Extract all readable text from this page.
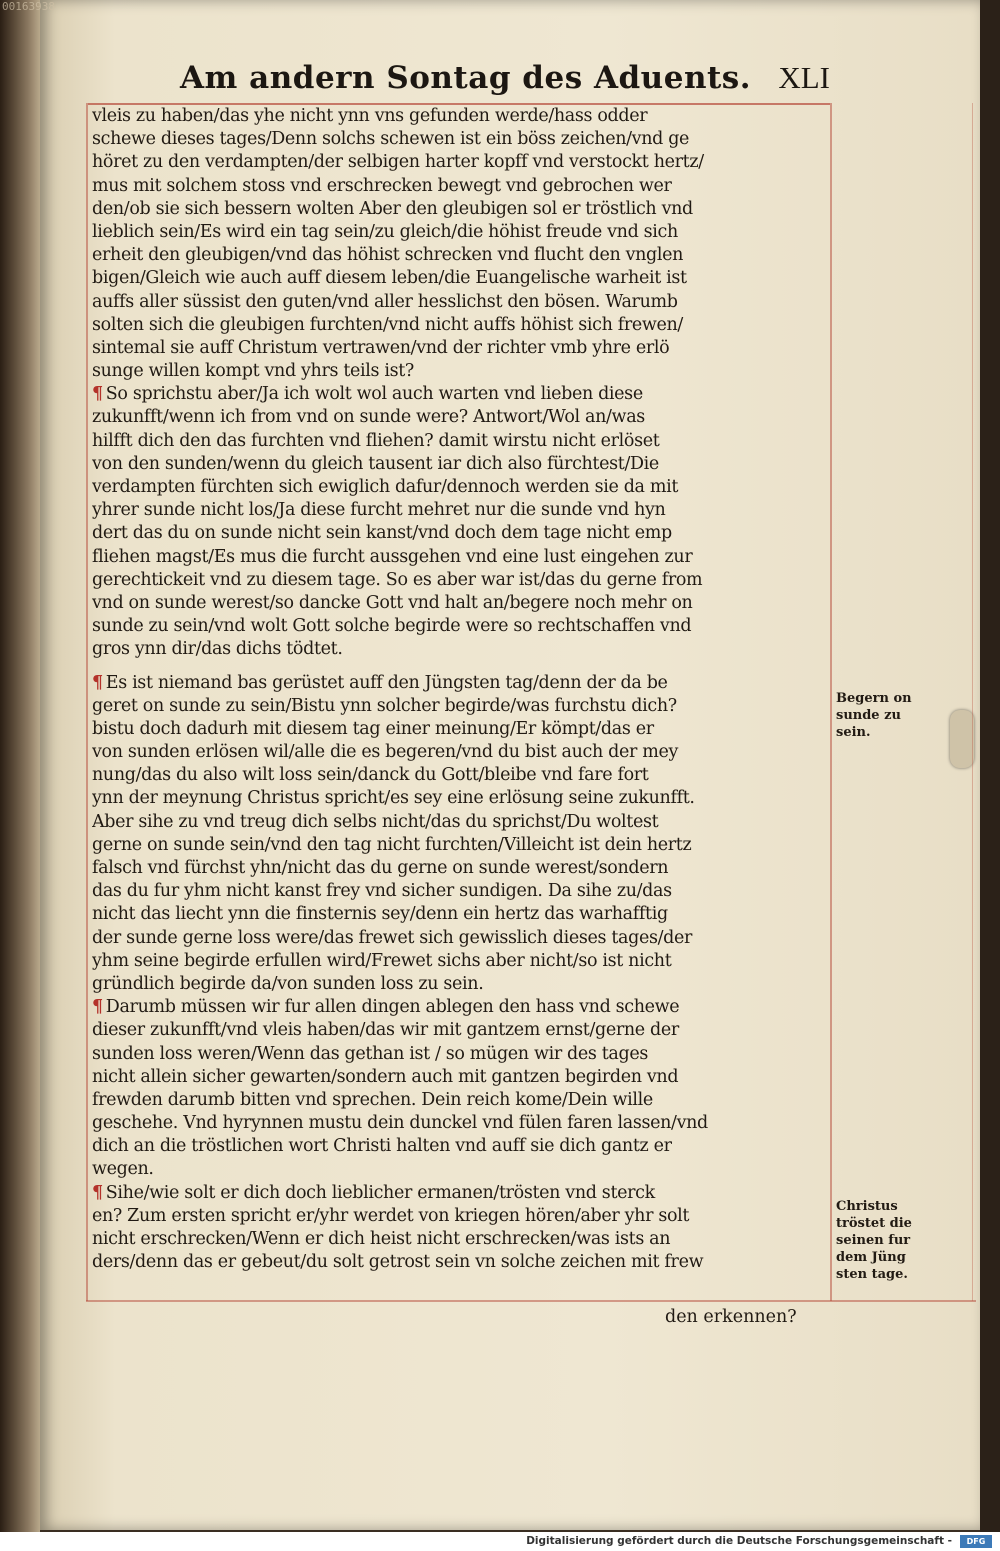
00163938
Am andern Sontag des Aduents. XLI
vleis zu haben/das yhe nicht ynn vns gefunden werde/hass odder
schewe dieses tages/Denn solchs schewen ist ein böss zeichen/vnd ge
höret zu den verdampten/der selbigen harter kopff vnd verstockt hertz/
mus mit solchem stoss vnd erschrecken bewegt vnd gebrochen wer
den/ob sie sich bessern wolten Aber den gleubigen sol er tröstlich vnd
lieblich sein/Es wird ein tag sein/zu gleich/die höhist freude vnd sich
erheit den gleubigen/vnd das höhist schrecken vnd flucht den vnglen
bigen/Gleich wie auch auff diesem leben/die Euangelische warheit ist
auffs aller süssist den guten/vnd aller hesslichst den bösen. Warumb
solten sich die gleubigen furchten/vnd nicht auffs höhist sich frewen/
sintemal sie auff Christum vertrawen/vnd der richter vmb yhre erlö
sunge willen kompt vnd yhrs teils ist?
¶ So sprichstu aber/Ja ich wolt wol auch warten vnd lieben diese
zukunfft/wenn ich from vnd on sunde were? Antwort/Wol an/was
hilfft dich den das furchten vnd fliehen? damit wirstu nicht erlöset
von den sunden/wenn du gleich tausent iar dich also fürchtest/Die
verdampten fürchten sich ewiglich dafur/dennoch werden sie da mit
yhrer sunde nicht los/Ja diese furcht mehret nur die sunde vnd hyn
dert das du on sunde nicht sein kanst/vnd doch dem tage nicht emp
fliehen magst/Es mus die furcht aussgehen vnd eine lust eingehen zur
gerechtickeit vnd zu diesem tage. So es aber war ist/das du gerne from
vnd on sunde werest/so dancke Gott vnd halt an/begere noch mehr on
sunde zu sein/vnd wolt Gott solche begirde were so rechtschaffen vnd
gros ynn dir/das dichs tödtet.
¶ Es ist niemand bas gerüstet auff den Jüngsten tag/denn der da be
geret on sunde zu sein/Bistu ynn solcher begirde/was furchstu dich?
bistu doch dadurh mit diesem tag einer meinung/Er kömpt/das er
von sunden erlösen wil/alle die es begeren/vnd du bist auch der mey
nung/das du also wilt loss sein/danck du Gott/bleibe vnd fare fort
ynn der meynung Christus spricht/es sey eine erlösung seine zukunfft.
Aber sihe zu vnd treug dich selbs nicht/das du sprichst/Du woltest
gerne on sunde sein/vnd den tag nicht furchten/Villeicht ist dein hertz
falsch vnd fürchst yhn/nicht das du gerne on sunde werest/sondern
das du fur yhm nicht kanst frey vnd sicher sundigen. Da sihe zu/das
nicht das liecht ynn die finsternis sey/denn ein hertz das warhafftig
der sunde gerne loss were/das frewet sich gewisslich dieses tages/der
yhm seine begirde erfullen wird/Frewet sichs aber nicht/so ist nicht
gründlich begirde da/von sunden loss zu sein.
¶ Darumb müssen wir fur allen dingen ablegen den hass vnd schewe
dieser zukunfft/vnd vleis haben/das wir mit gantzem ernst/gerne der
sunden loss weren/Wenn das gethan ist / so mügen wir des tages
nicht allein sicher gewarten/sondern auch mit gantzen begirden vnd
frewden darumb bitten vnd sprechen. Dein reich kome/Dein wille
geschehe. Vnd hyrynnen mustu dein dunckel vnd fülen faren lassen/vnd
dich an die tröstlichen wort Christi halten vnd auff sie dich gantz er
wegen.
¶ Sihe/wie solt er dich doch lieblicher ermanen/trösten vnd sterck
en? Zum ersten spricht er/yhr werdet von kriegen hören/aber yhr solt
nicht erschrecken/Wenn er dich heist nicht erschrecken/was ists an
ders/denn das er gebeut/du solt getrost sein vn solche zeichen mit frew
den erkennen?
Begern on
sunde zu
sein.
Christus
tröstet die
seinen fur
dem Jüng
sten tage.
Digitalisierung gefördert durch die Deutsche Forschungsgemeinschaft -	DFG
